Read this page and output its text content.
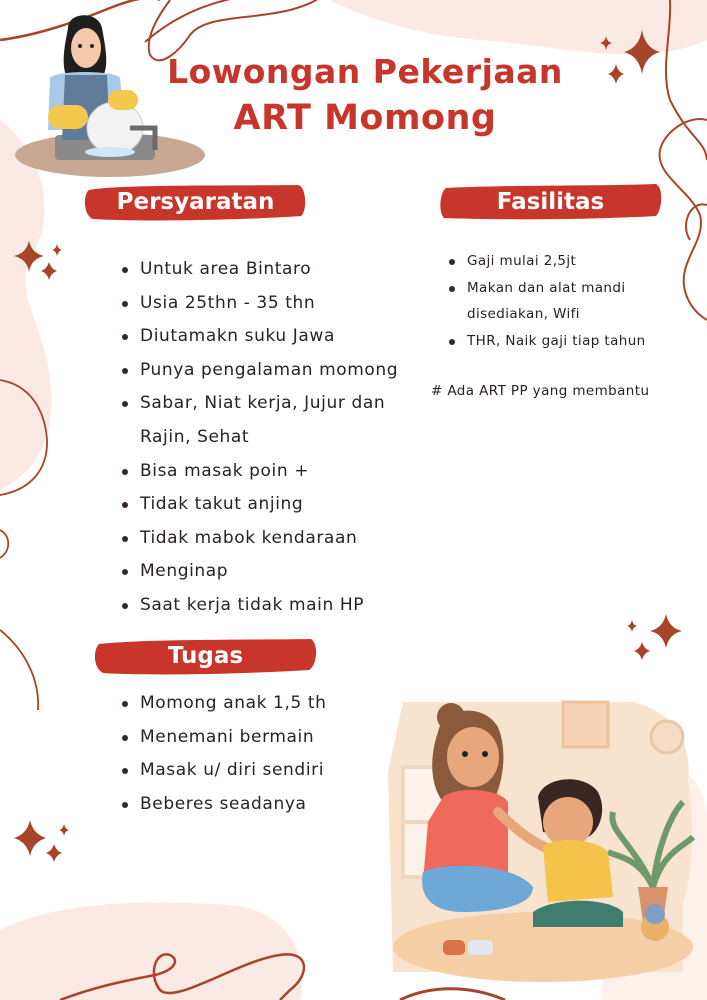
Lowongan Pekerjaan
ART Momong
Persyaratan
Untuk area Bintaro
Usia 25thn - 35 thn
Diutamakn suku Jawa
Punya pengalaman momong
Sabar, Niat kerja, Jujur dan
Rajin, Sehat
Bisa masak poin +
Tidak takut anjing
Tidak mabok kendaraan
Menginap
Saat kerja tidak main HP
Fasilitas
Gaji mulai 2,5jt
Makan dan alat mandi
disediakan, Wifi
THR, Naik gaji tiap tahun
# Ada ART PP yang membantu
Tugas
Momong anak 1,5 th
Menemani bermain
Masak u/ diri sendiri
Beberes seadanya
